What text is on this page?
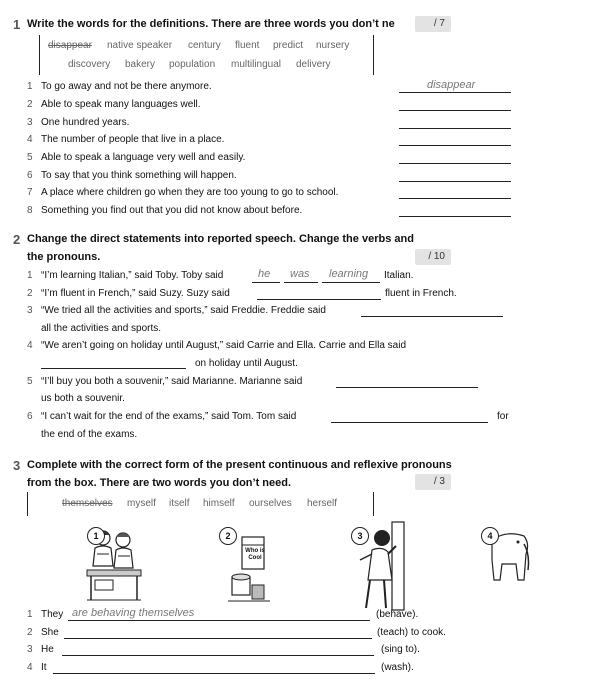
1 Write the words for the definitions. There are three words you don’t ne	/ 7
disappear native speaker century fluent predict nursery
discovery bakery population multilingual delivery
1 To go away and not be there anymore.	disappear
2 Able to speak many languages well.
3 One hundred years.
4 The number of people that live in a place.
5 Able to speak a language very well and easily.
6 To say that you think something will happen.
7 A place where children go when they are too young to go to school.
8 Something you find out that you did not know about before.
2 Change the direct statements into reported speech. Change the verbs and
the pronouns.	/ 10
1 “I’m learning Italian,” said Toby. Toby said	he was learning Italian.
2 “I’m fluent in French,” said Suzy. Suzy said	fluent in French.
3 “We tried all the activities and sports,” said Freddie. Freddie said
all the activities and sports.
4 “We aren’t going on holiday until August,” said Carrie and Ella. Carrie and Ella said
on holiday until August.
5 “I’ll buy you both a souvenir,” said Marianne. Marianne said
us both a souvenir.
6 “I can’t wait for the end of the exams,” said Tom. Tom said	for
the end of the exams.
3 Complete with the correct form of the present continuous and reflexive pronouns
from the box. There are two words you don’t need.	/ 3
themselves myself itself himself ourselves herself
1
Who is Cool
2	3	4
1 They are behaving themselves	(behave).
2 She	(teach) to cook.
3 He	(sing to).
4 It	(wash).
